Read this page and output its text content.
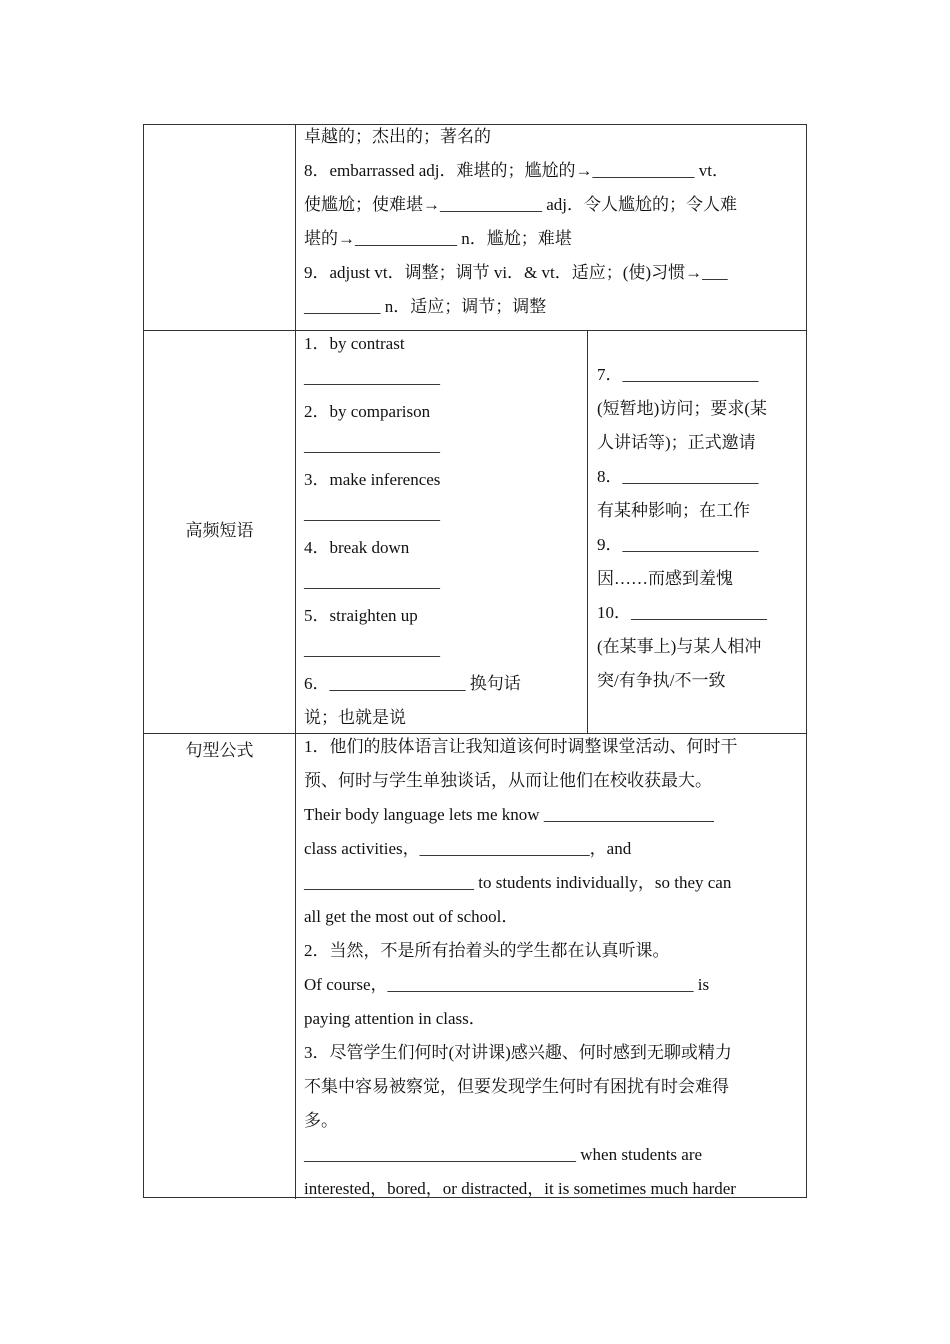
卓越的；杰出的；著名的

8．embarrassed adj．难堪的；尴尬的→____________ vt．

使尴尬；使难堪→____________ adj．令人尴尬的；令人难

堪的→____________ n．尴尬；难堪

9．adjust vt．调整；调节 vi．& vt．适应；(使)习惯→___

_________ n．适应；调节；调整

高频短语

1．by contrast

________________

2．by comparison

________________

3．make inferences

________________

4．break down

________________

5．straighten up

________________

6．________________ 换句话

说；也就是说

7．________________

(短暂地)访问；要求(某

人讲话等)；正式邀请

8．________________

有某种影响；在工作

9．________________

因……而感到羞愧

10．________________

(在某事上)与某人相冲

突/有争执/不一致

句型公式	1．他们的肢体语言让我知道该何时调整课堂活动、何时干

预、何时与学生单独谈话，从而让他们在校收获最大。

Their body language lets me know ____________________

class activities，____________________，and

____________________ to students individually，so they can

all get the most out of school．

2．当然，不是所有抬着头的学生都在认真听课。

Of course，____________________________________ is

paying attention in class．

3．尽管学生们何时(对讲课)感兴趣、何时感到无聊或精力

不集中容易被察觉，但要发现学生何时有困扰有时会难得

多。

________________________________ when students are

interested，bored，or distracted，it is sometimes much harder
